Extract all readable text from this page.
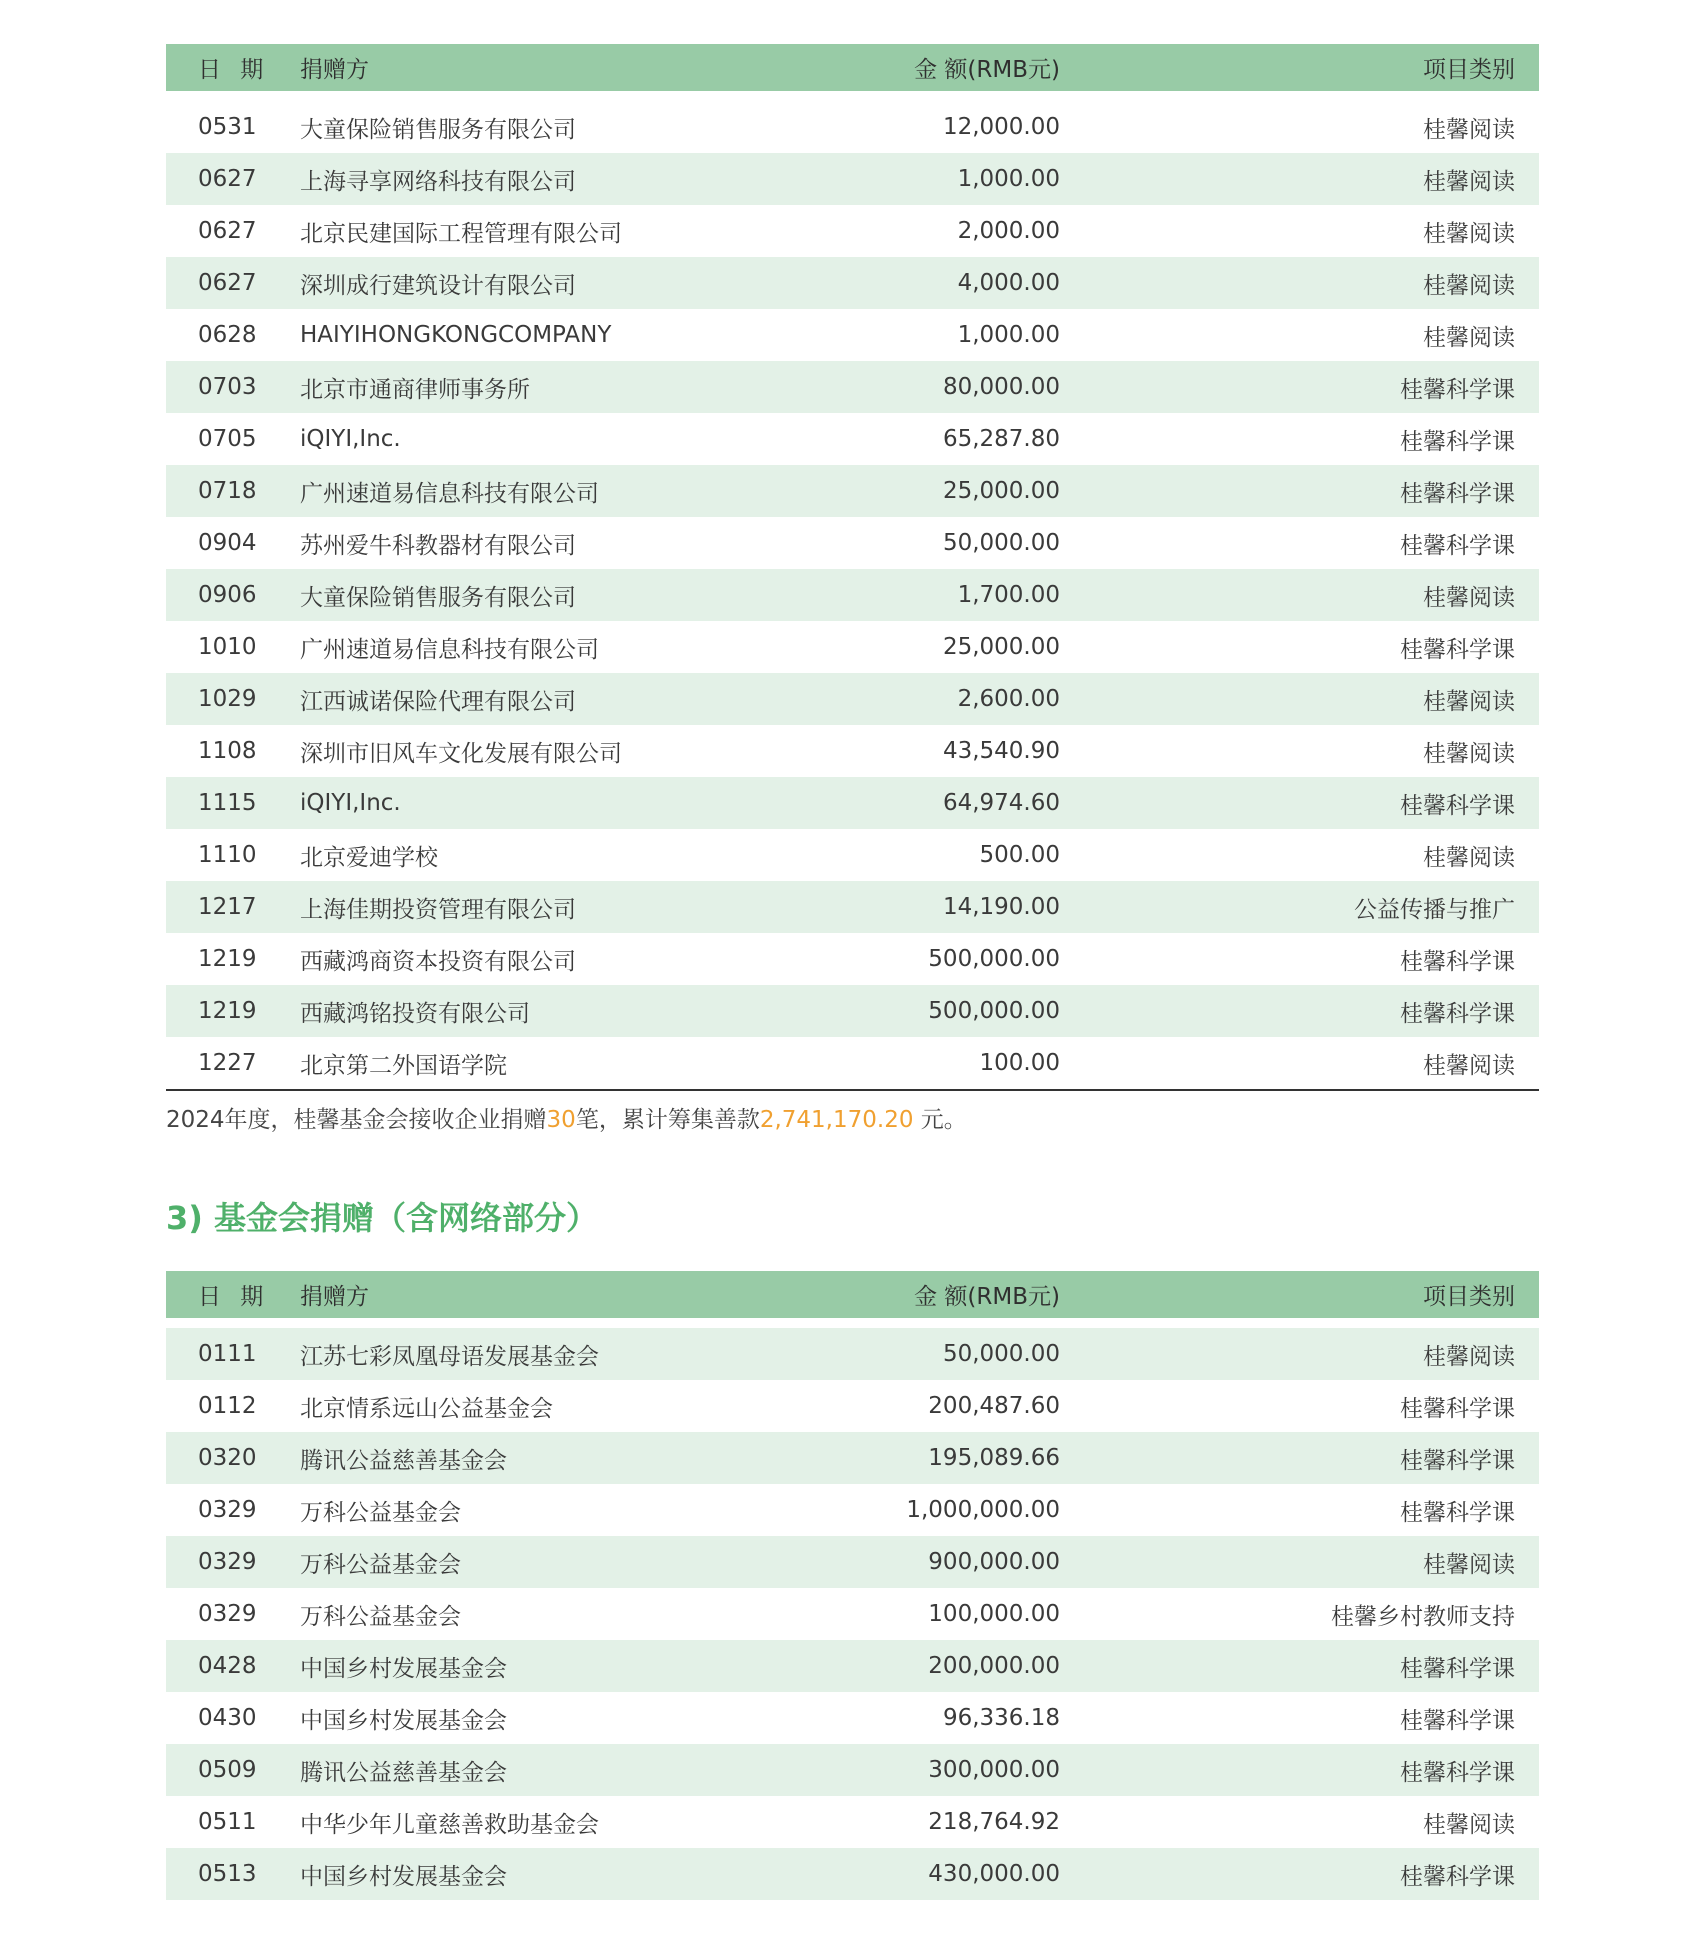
日 期	捐赠方	金 额(RMB元)	项目类别
0531	大童保险销售服务有限公司	12,000.00	桂馨阅读
0627	上海寻享网络科技有限公司	1,000.00	桂馨阅读
0627	北京民建国际工程管理有限公司	2,000.00	桂馨阅读
0627	深圳成行建筑设计有限公司	4,000.00	桂馨阅读
0628	HAIYIHONGKONGCOMPANY	1,000.00	桂馨阅读
0703	北京市通商律师事务所	80,000.00	桂馨科学课
0705	iQIYI,Inc.	65,287.80	桂馨科学课
0718	广州速道易信息科技有限公司	25,000.00	桂馨科学课
0904	苏州爱牛科教器材有限公司	50,000.00	桂馨科学课
0906	大童保险销售服务有限公司	1,700.00	桂馨阅读
1010	广州速道易信息科技有限公司	25,000.00	桂馨科学课
1029	江西诚诺保险代理有限公司	2,600.00	桂馨阅读
1108	深圳市旧风车文化发展有限公司	43,540.90	桂馨阅读
1115	iQIYI,Inc.	64,974.60	桂馨科学课
1110	北京爱迪学校	500.00	桂馨阅读
1217	上海佳期投资管理有限公司	14,190.00	公益传播与推广
1219	西藏鸿商资本投资有限公司	500,000.00	桂馨科学课
1219	西藏鸿铭投资有限公司	500,000.00	桂馨科学课
1227	北京第二外国语学院	100.00	桂馨阅读
2024年度，桂馨基金会接收企业捐赠30笔，累计筹集善款2,741,170.20 元。
3) 基金会捐赠（含网络部分）
日 期	捐赠方	金 额(RMB元)	项目类别
0111	江苏七彩凤凰母语发展基金会	50,000.00	桂馨阅读
0112	北京情系远山公益基金会	200,487.60	桂馨科学课
0320	腾讯公益慈善基金会	195,089.66	桂馨科学课
0329	万科公益基金会	1,000,000.00	桂馨科学课
0329	万科公益基金会	900,000.00	桂馨阅读
0329	万科公益基金会	100,000.00	桂馨乡村教师支持
0428	中国乡村发展基金会	200,000.00	桂馨科学课
0430	中国乡村发展基金会	96,336.18	桂馨科学课
0509	腾讯公益慈善基金会	300,000.00	桂馨科学课
0511	中华少年儿童慈善救助基金会	218,764.92	桂馨阅读
0513	中国乡村发展基金会	430,000.00	桂馨科学课
